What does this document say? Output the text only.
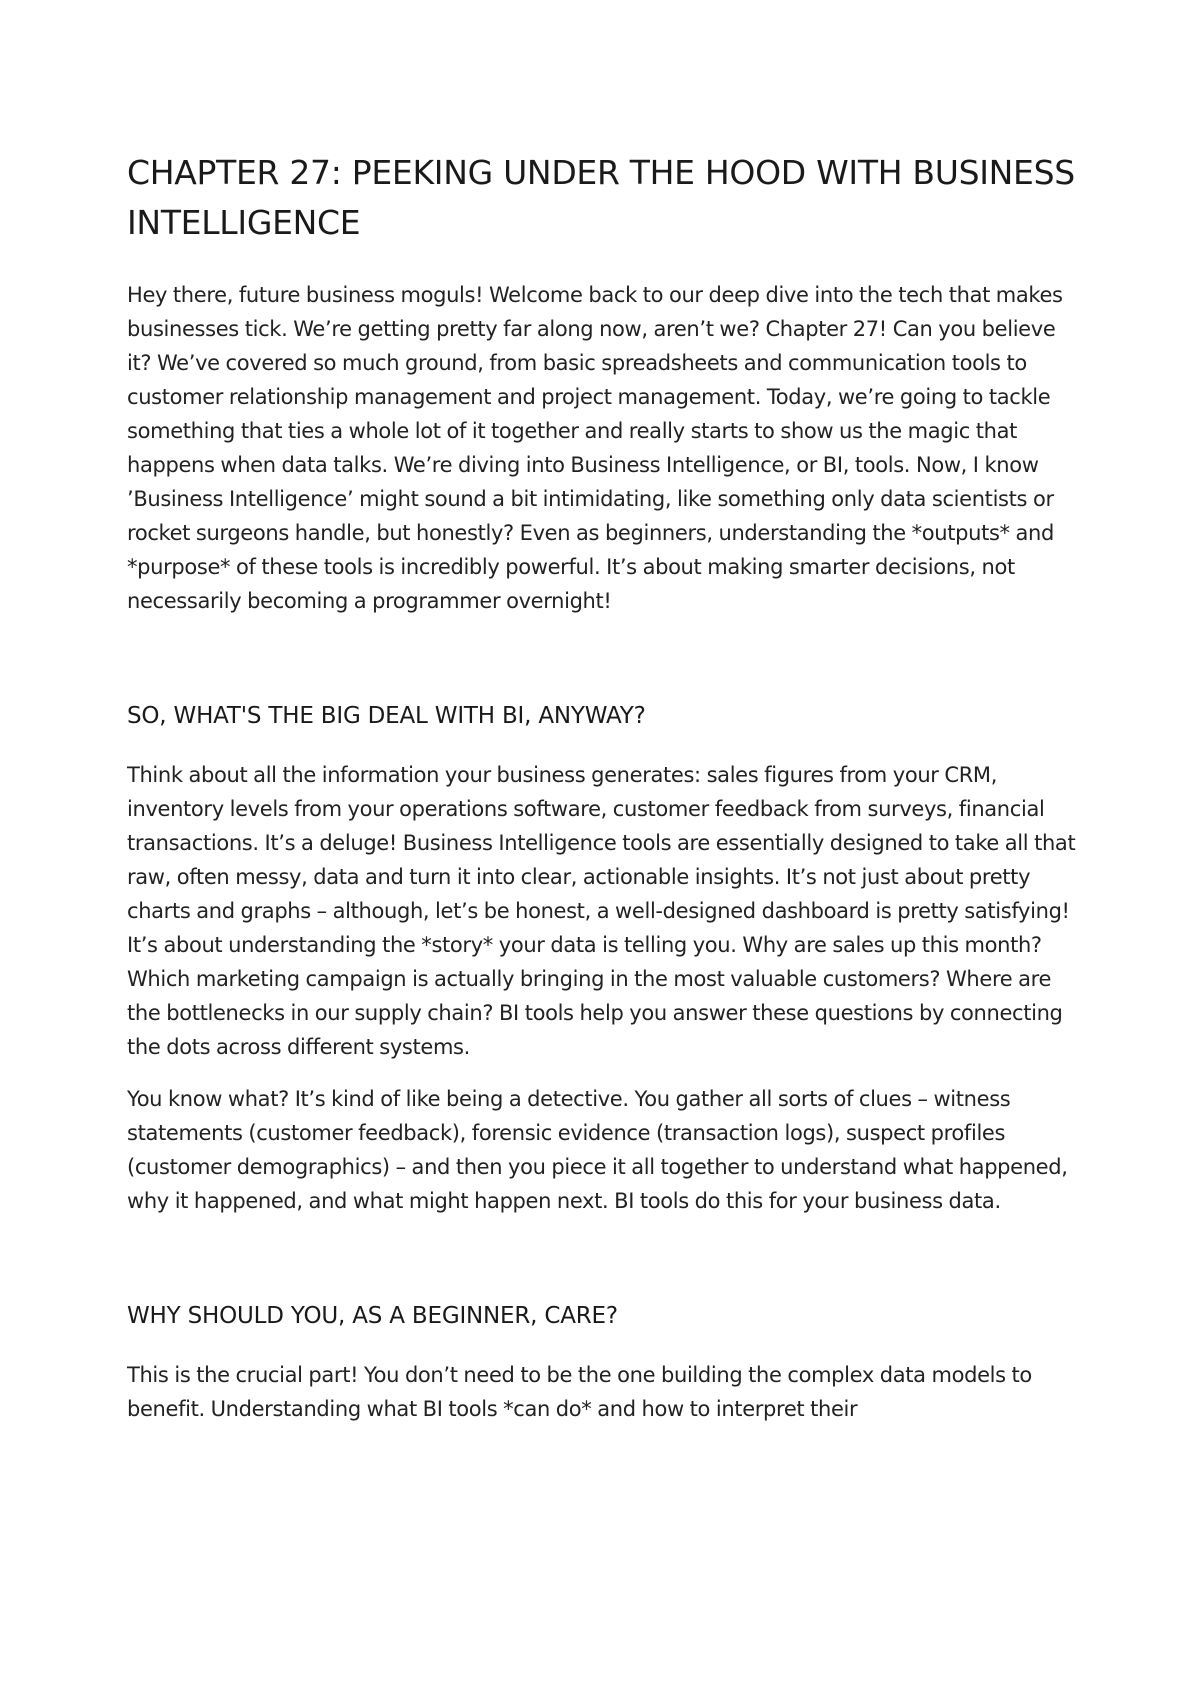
CHAPTER 27: PEEKING UNDER THE HOOD WITH BUSINESS INTELLIGENCE

Hey there, future business moguls! Welcome back to our deep dive into the tech that makes businesses tick. We’re getting pretty far along now, aren’t we? Chapter 27! Can you believe it? We’ve covered so much ground, from basic spreadsheets and communication tools to customer relationship management and project management. Today, we’re going to tackle something that ties a whole lot of it together and really starts to show us the magic that happens when data talks. We’re diving into Business Intelligence, or BI, tools. Now, I know ’Business Intelligence’ might sound a bit intimidating, like something only data scientists or rocket surgeons handle, but honestly? Even as beginners, understanding the *outputs* and *purpose* of these tools is incredibly powerful. It’s about making smarter decisions, not necessarily becoming a programmer overnight!

SO, WHAT'S THE BIG DEAL WITH BI, ANYWAY?

Think about all the information your business generates: sales figures from your CRM, inventory levels from your operations software, customer feedback from surveys, financial transactions. It’s a deluge! Business Intelligence tools are essentially designed to take all that raw, often messy, data and turn it into clear, actionable insights. It’s not just about pretty charts and graphs – although, let’s be honest, a well-designed dashboard is pretty satisfying! It’s about understanding the *story* your data is telling you. Why are sales up this month? Which marketing campaign is actually bringing in the most valuable customers? Where are the bottlenecks in our supply chain? BI tools help you answer these questions by connecting the dots across different systems.

You know what? It’s kind of like being a detective. You gather all sorts of clues – witness statements (customer feedback), forensic evidence (transaction logs), suspect profiles (customer demographics) – and then you piece it all together to understand what happened, why it happened, and what might happen next. BI tools do this for your business data.

WHY SHOULD YOU, AS A BEGINNER, CARE?

This is the crucial part! You don’t need to be the one building the complex data models to benefit. Understanding what BI tools *can do* and how to interpret their
